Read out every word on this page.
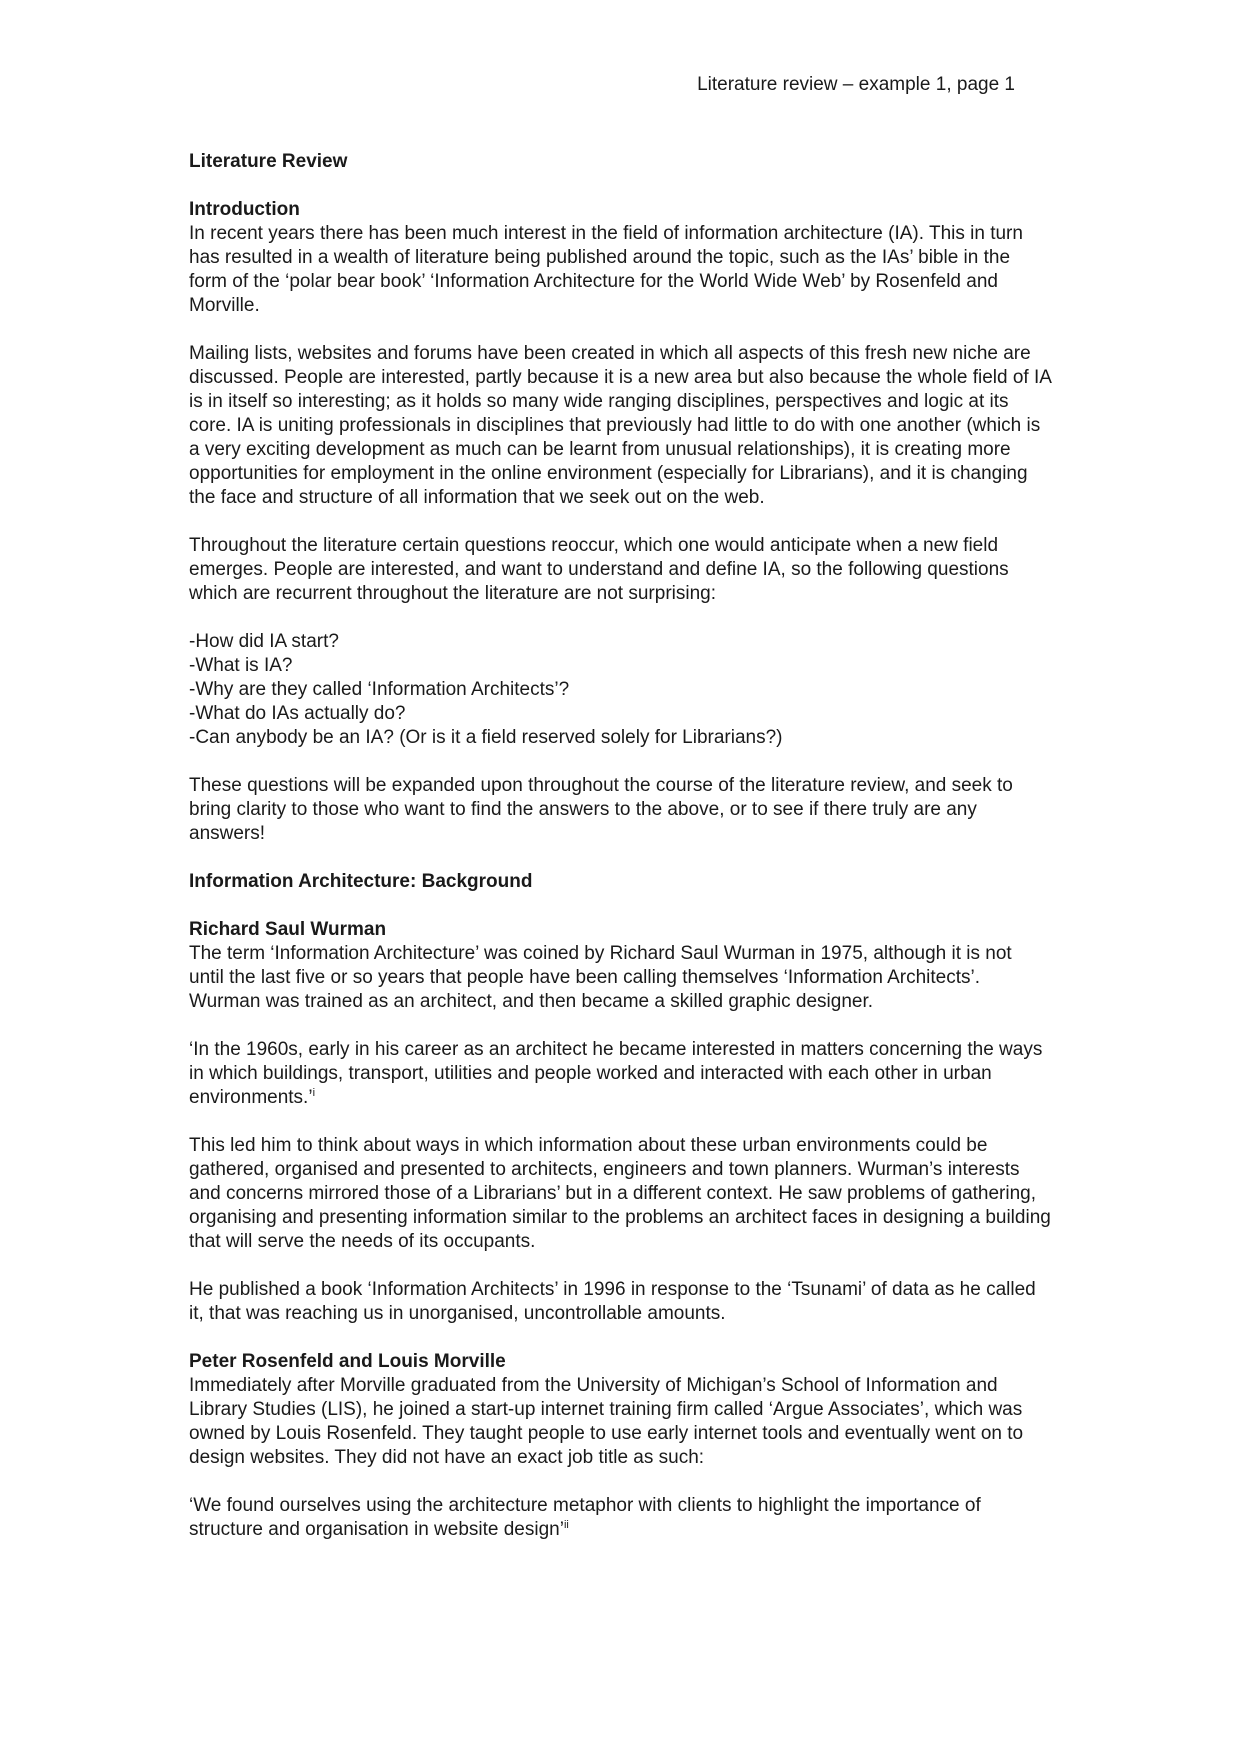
Literature review – example 1, page 1
Literature Review
Introduction

In recent years there has been much interest in the field of information architecture (IA). This in turn has resulted in a wealth of literature being published around the topic, such as the IAs’ bible in the form of the ‘polar bear book’ ‘Information Architecture for the World Wide Web’ by Rosenfeld and Morville.

Mailing lists, websites and forums have been created in which all aspects of this fresh new niche are discussed. People are interested, partly because it is a new area but also because the whole field of IA is in itself so interesting; as it holds so many wide ranging disciplines, perspectives and logic at its core. IA is uniting professionals in disciplines that previously had little to do with one another (which is a very exciting development as much can be learnt from unusual relationships), it is creating more opportunities for employment in the online environment (especially for Librarians), and it is changing the face and structure of all information that we seek out on the web.

Throughout the literature certain questions reoccur, which one would anticipate when a new field emerges. People are interested, and want to understand and define IA, so the following questions which are recurrent throughout the literature are not surprising:

-How did IA start?
-What is IA?
-Why are they called ‘Information Architects’?
-What do IAs actually do?
-Can anybody be an IA? (Or is it a field reserved solely for Librarians?)

These questions will be expanded upon throughout the course of the literature review, and seek to bring clarity to those who want to find the answers to the above, or to see if there truly are any answers!

Information Architecture: Background
Richard Saul Wurman

The term ‘Information Architecture’ was coined by Richard Saul Wurman in 1975, although it is not until the last five or so years that people have been calling themselves ‘Information Architects’. Wurman was trained as an architect, and then became a skilled graphic designer.

‘In the 1960s, early in his career as an architect he became interested in matters concerning the ways in which buildings, transport, utilities and people worked and interacted with each other in urban environments.’$^i$

This led him to think about ways in which information about these urban environments could be gathered, organised and presented to architects, engineers and town planners. Wurman’s interests and concerns mirrored those of a Librarians’ but in a different context. He saw problems of gathering, organising and presenting information similar to the problems an architect faces in designing a building that will serve the needs of its occupants.

He published a book ‘Information Architects’ in 1996 in response to the ‘Tsunami’ of data as he called it, that was reaching us in unorganised, uncontrollable amounts.

Peter Rosenfeld and Louis Morville

Immediately after Morville graduated from the University of Michigan’s School of Information and Library Studies (LIS), he joined a start-up internet training firm called ‘Argue Associates’, which was owned by Louis Rosenfeld. They taught people to use early internet tools and eventually went on to design websites. They did not have an exact job title as such:

‘We found ourselves using the architecture metaphor with clients to highlight the importance of structure and organisation in website design’$^{ii}$
